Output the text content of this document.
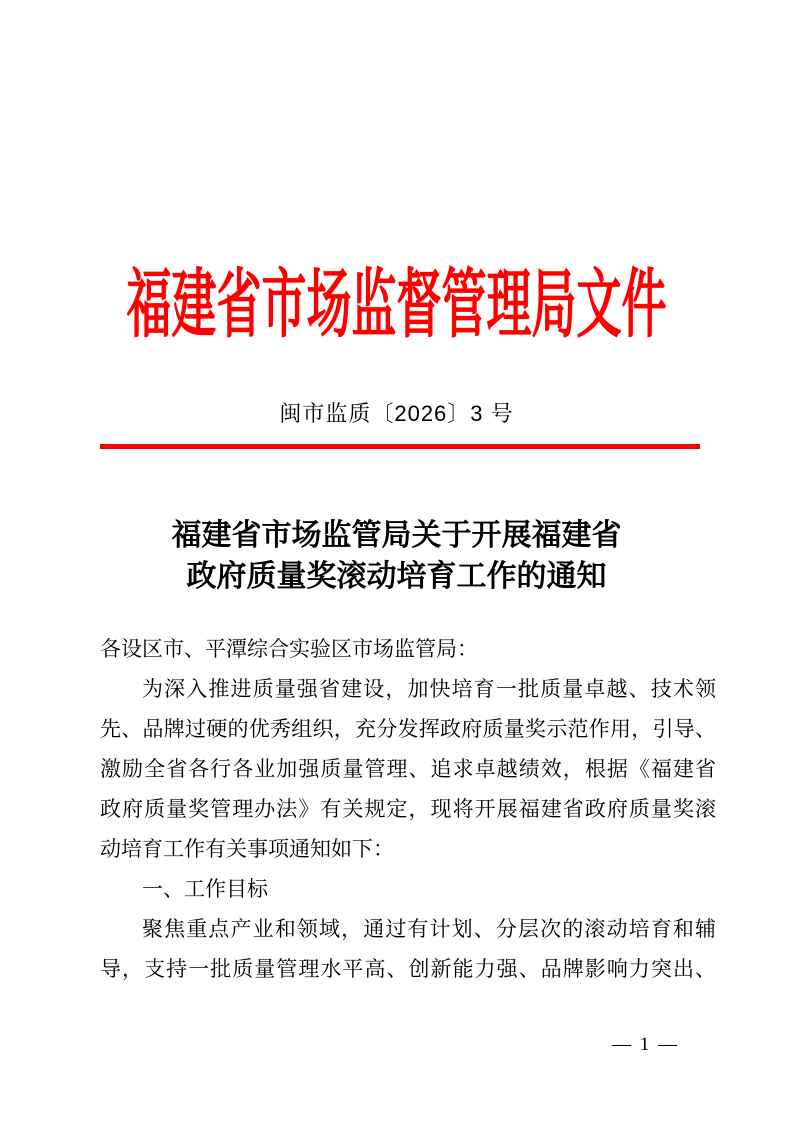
福建省市场监督管理局文件
闽市监质〔2026〕3 号
福建省市场监管局关于开展福建省
政府质量奖滚动培育工作的通知
各设区市、平潭综合实验区市场监管局：
为深入推进质量强省建设，加快培育一批质量卓越、技术领
先、品牌过硬的优秀组织，充分发挥政府质量奖示范作用，引导、
激励全省各行各业加强质量管理、追求卓越绩效，根据《福建省
政府质量奖管理办法》有关规定，现将开展福建省政府质量奖滚
动培育工作有关事项通知如下：
一、工作目标
聚焦重点产业和领域，通过有计划、分层次的滚动培育和辅
导，支持一批质量管理水平高、创新能力强、品牌影响力突出、
— 1 —
